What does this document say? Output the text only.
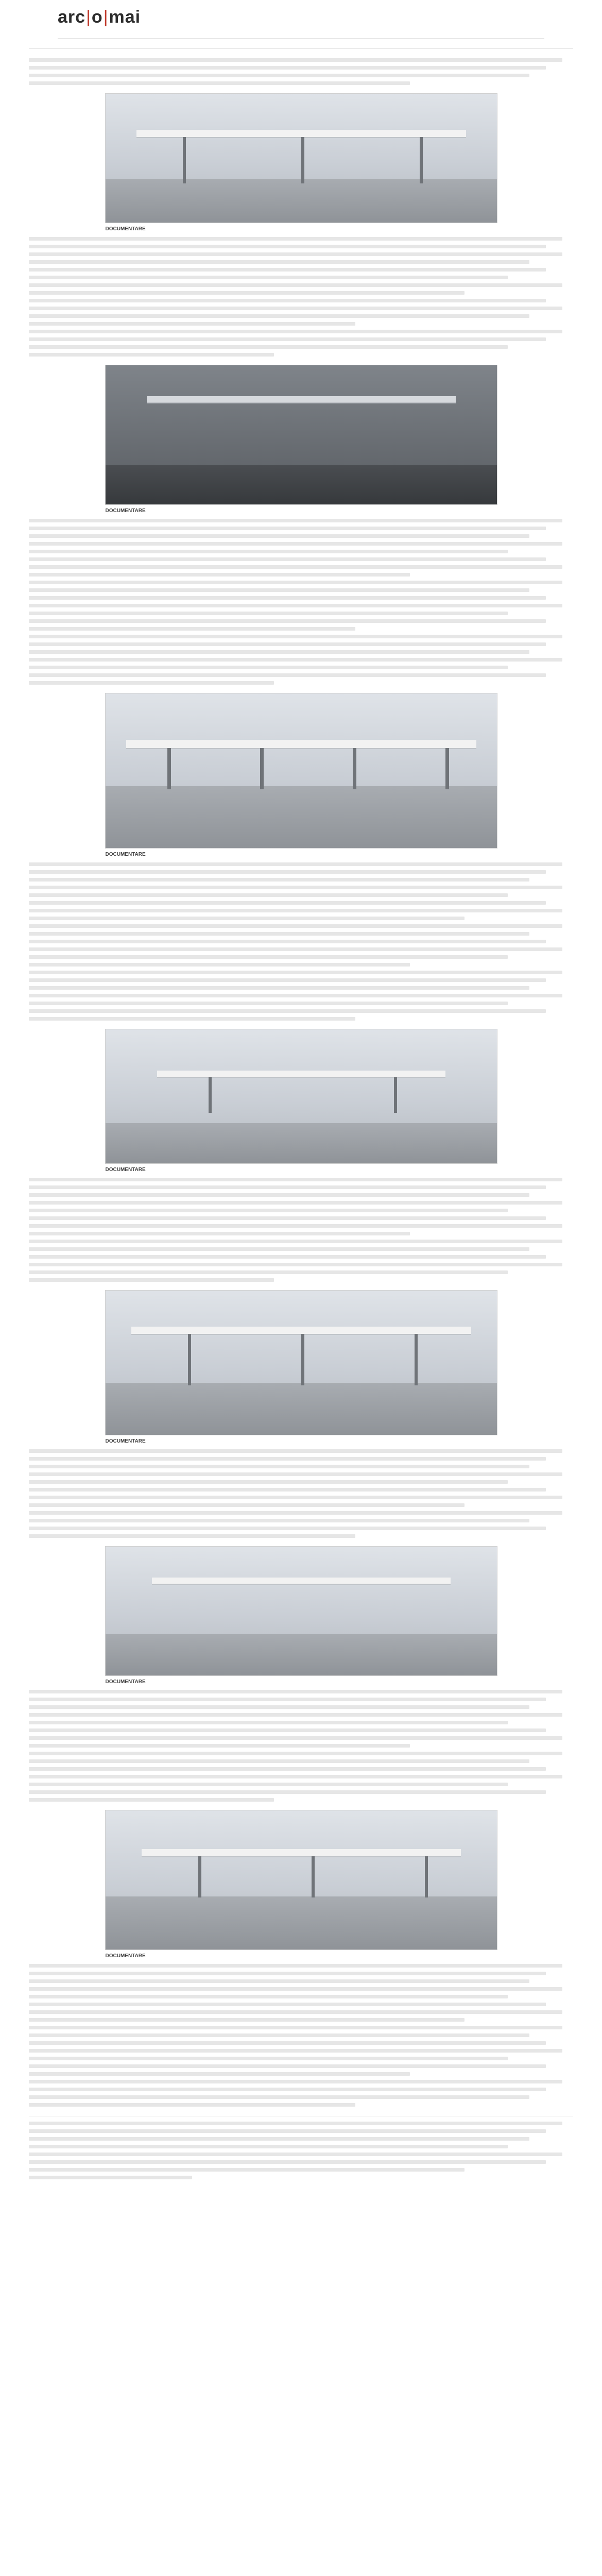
arc|o|mai
DOCUMENTARE
DOCUMENTARE
DOCUMENTARE
DOCUMENTARE
DOCUMENTARE
DOCUMENTARE
DOCUMENTARE
